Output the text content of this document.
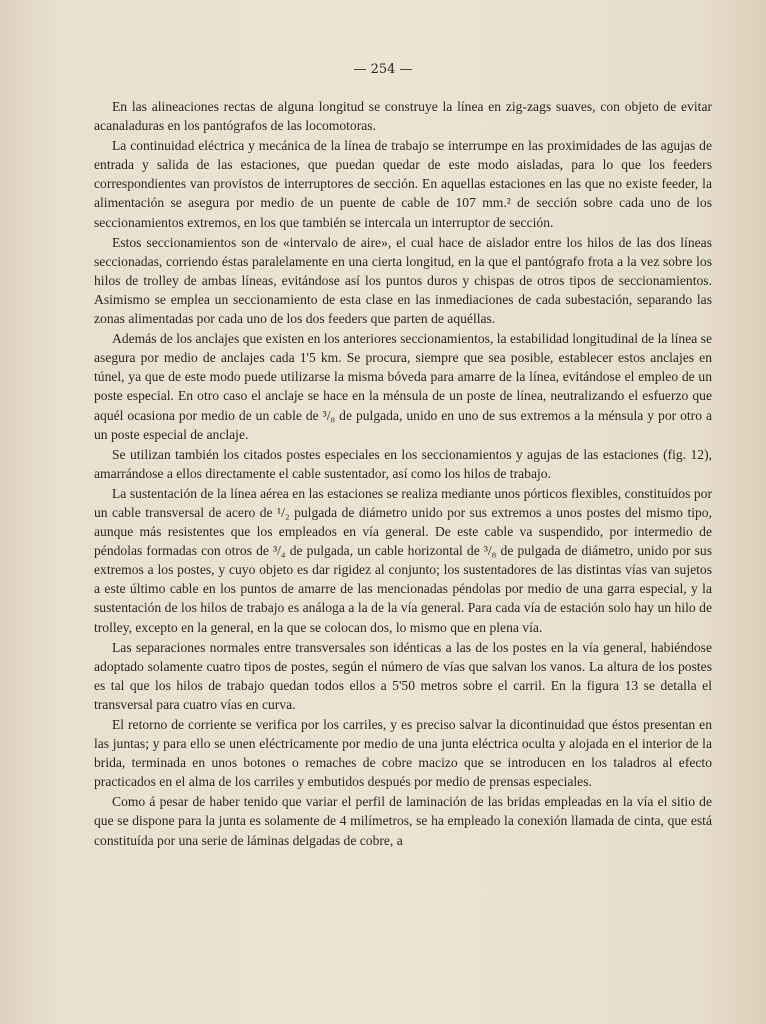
— 254 —

En las alineaciones rectas de alguna longitud se construye la línea en zig-zags suaves, con objeto de evitar acanaladuras en los pantógrafos de las locomotoras.

La continuidad eléctrica y mecánica de la línea de trabajo se interrumpe en las proximidades de las agujas de entrada y salida de las estaciones, que puedan quedar de este modo aisladas, para lo que los feeders correspondientes van provistos de interruptores de sección. En aquellas estaciones en las que no existe feeder, la alimentación se asegura por medio de un puente de cable de 107 mm.² de sección sobre cada uno de los seccionamientos extremos, en los que también se intercala un interruptor de sección.

Estos seccionamientos son de «intervalo de aire», el cual hace de aislador entre los hilos de las dos líneas seccionadas, corriendo éstas paralelamente en una cierta longitud, en la que el pantógrafo frota a la vez sobre los hilos de trolley de ambas líneas, evitándose así los puntos duros y chispas de otros tipos de seccionamientos. Asimismo se emplea un seccionamiento de esta clase en las inmediaciones de cada subestación, separando las zonas alimentadas por cada uno de los dos feeders que parten de aquéllas.

Además de los anclajes que existen en los anteriores seccionamientos, la estabilidad longitudinal de la línea se asegura por medio de anclajes cada 1'5 km. Se procura, siempre que sea posible, establecer estos anclajes en túnel, ya que de este modo puede utilizarse la misma bóveda para amarre de la línea, evitándose el empleo de un poste especial. En otro caso el anclaje se hace en la ménsula de un poste de línea, neutralizando el esfuerzo que aquél ocasiona por medio de un cable de ³/₈ de pulgada, unido en uno de sus extremos a la ménsula y por otro a un poste especial de anclaje.

Se utilizan también los citados postes especiales en los seccionamientos y agujas de las estaciones (fig. 12), amarrándose a ellos directamente el cable sustentador, así como los hilos de trabajo.

La sustentación de la línea aérea en las estaciones se realiza mediante unos pórticos flexibles, constituídos por un cable transversal de acero de ¹/₂ pulgada de diámetro unido por sus extremos a unos postes del mismo tipo, aunque más resistentes que los empleados en vía general. De este cable va suspendido, por intermedio de péndolas formadas con otros de ³/₄ de pulgada, un cable horizontal de ³/₈ de pulgada de diámetro, unido por sus extremos a los postes, y cuyo objeto es dar rigidez al conjunto; los sustentadores de las distintas vías van sujetos a este último cable en los puntos de amarre de las mencionadas péndolas por medio de una garra especial, y la sustentación de los hilos de trabajo es análoga a la de la vía general. Para cada vía de estación solo hay un hilo de trolley, excepto en la general, en la que se colocan dos, lo mismo que en plena vía.

Las separaciones normales entre transversales son idénticas a las de los postes en la vía general, habiéndose adoptado solamente cuatro tipos de postes, según el número de vías que salvan los vanos. La altura de los postes es tal que los hilos de trabajo quedan todos ellos a 5'50 metros sobre el carril. En la figura 13 se detalla el transversal para cuatro vías en curva.

El retorno de corriente se verifica por los carriles, y es preciso salvar la dicontinuidad que éstos presentan en las juntas; y para ello se unen eléctricamente por medio de una junta eléctrica oculta y alojada en el interior de la brida, terminada en unos botones o remaches de cobre macizo que se introducen en los taladros al efecto practicados en el alma de los carriles y embutidos después por medio de prensas especiales.

Como á pesar de haber tenido que variar el perfil de laminación de las bridas empleadas en la vía el sitio de que se dispone para la junta es solamente de 4 milímetros, se ha empleado la conexión llamada de cinta, que está constituída por una serie de láminas delgadas de cobre, a
